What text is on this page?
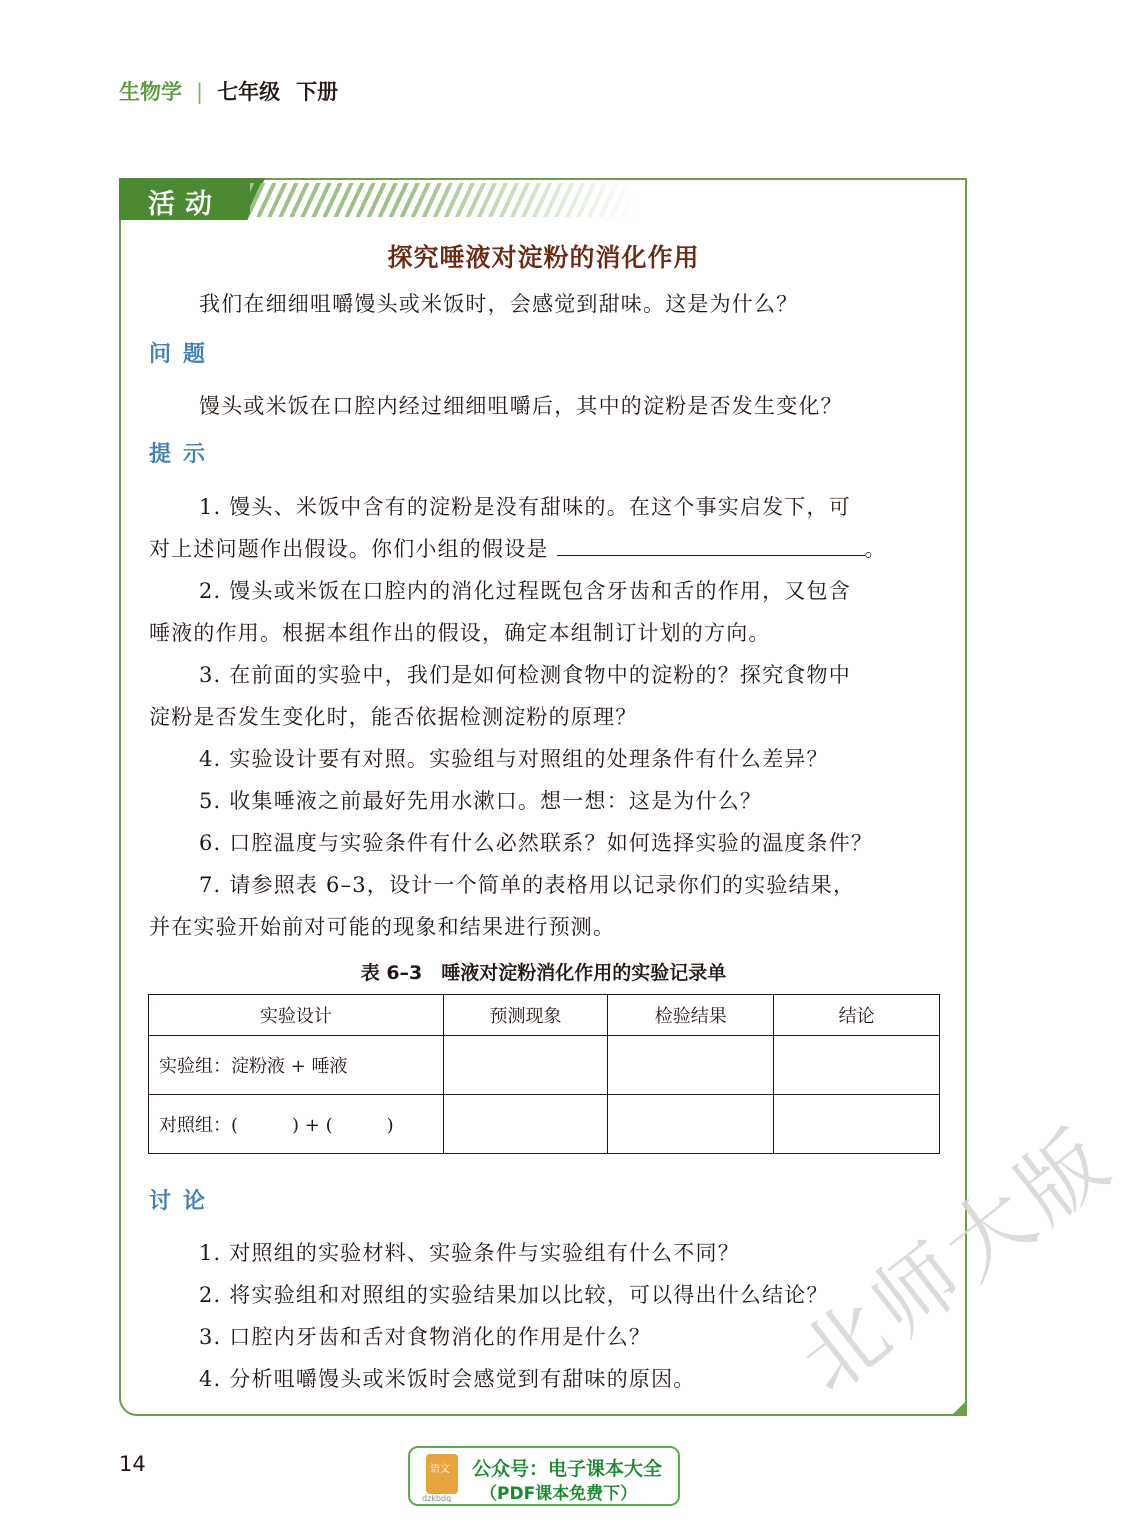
生物学 | 七年级 下册
活动
探究唾液对淀粉的消化作用
我们在细细咀嚼馒头或米饭时，会感觉到甜味。这是为什么？
问题
馒头或米饭在口腔内经过细细咀嚼后，其中的淀粉是否发生变化？
提示
1. 馒头、米饭中含有的淀粉是没有甜味的。在这个事实启发下，可
对上述问题作出假设。你们小组的假设是	。
2. 馒头或米饭在口腔内的消化过程既包含牙齿和舌的作用，又包含
唾液的作用。根据本组作出的假设，确定本组制订计划的方向。
3. 在前面的实验中，我们是如何检测食物中的淀粉的？探究食物中
淀粉是否发生变化时，能否依据检测淀粉的原理？
4. 实验设计要有对照。实验组与对照组的处理条件有什么差异？
5. 收集唾液之前最好先用水漱口。想一想：这是为什么？
6. 口腔温度与实验条件有什么必然联系？如何选择实验的温度条件？
7. 请参照表 6–3，设计一个简单的表格用以记录你们的实验结果，
并在实验开始前对可能的现象和结果进行预测。
表 6–3　唾液对淀粉消化作用的实验记录单
实验设计	预测现象	检验结果	结论
实验组：淀粉液 + 唾液			
对照组：(　　　) + (　　　)			
讨论
1. 对照组的实验材料、实验条件与实验组有什么不同？
2. 将实验组和对照组的实验结果加以比较，可以得出什么结论？
3. 口腔内牙齿和舌对食物消化的作用是什么？
4. 分析咀嚼馒头或米饭时会感觉到有甜味的原因。
14
北师大版
语文
dzkbdq
公众号：电子课本大全
（PDF课本免费下）
